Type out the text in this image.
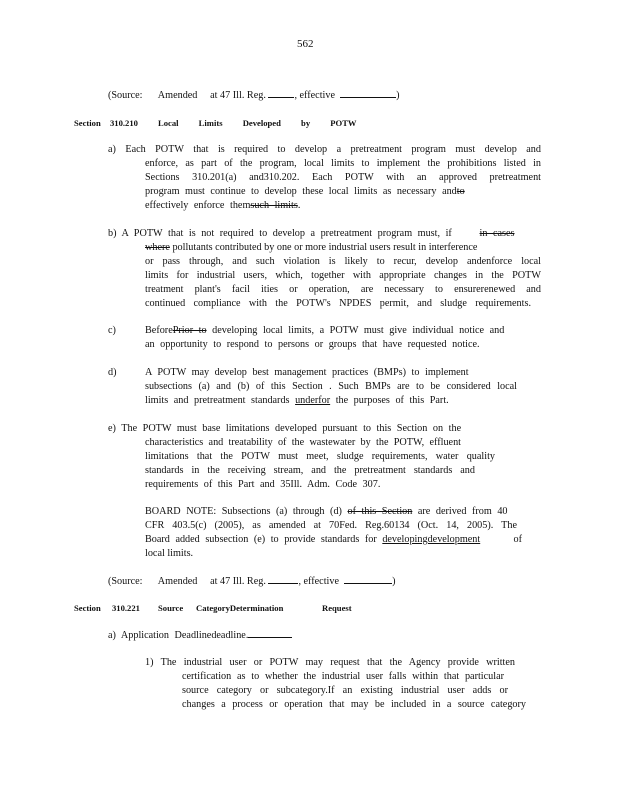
562
(Source: Amended at 47 Ill. Reg.	, effective	)
Section 310.210 Local Limits Developed by POTW
a) Each POTW that is required to develop a pretreatment program must develop and
enforce, as part of the program, local limits to implement the prohibitions listed in
Sections 310.201(a) and310.202. Each POTW with an approved pretreatment
program must continue to develop these local limits as necessary andto
effectively enforce themsuch limits.
b) A POTW that is not required to develop a pretreatment program must, if	in cases
where pollutants contributed by one or more industrial users result in interference
or pass through, and such violation is likely to recur, develop andenforce local
limits for industrial users, which, together with appropriate changes in the POTW
treatment plant's facil ities or operation, are necessary to ensurerenewed and
continued compliance with the POTW's NPDES permit, and sludge requirements.
c)	BeforePrior to developing local limits, a POTW must give individual notice and
an opportunity to respond to persons or groups that have requested notice.
d)	A POTW may develop best management practices (BMPs) to implement
subsections (a) and (b) of this Section . Such BMPs are to be considered local
limits and pretreatment standards underfor the purposes of this Part.
e) The POTW must base limitations developed pursuant to this Section on the
characteristics and treatability of the wastewater by the POTW, effluent
limitations that the POTW must meet, sludge requirements, water quality
standards in the receiving stream, and the pretreatment standards and
requirements of this Part and 35Ill. Adm. Code 307.
BOARD NOTE: Subsections (a) through (d) of this Section are derived from 40
CFR 403.5(c) (2005), as amended at 70Fed. Reg.60134 (Oct. 14, 2005). The
Board added subsection (e) to provide standards for developingdevelopment	of
local limits.
(Source: Amended at 47 Ill. Reg.	, effective	)
Section 310.221 Source CategoryDetermination	Request
a) Application Deadlinedeadline.
1) The industrial user or POTW may request that the Agency provide written
certification as to whether the industrial user falls within that particular
source category or subcategory.If an existing industrial user adds or
changes a process or operation that may be included in a source category
